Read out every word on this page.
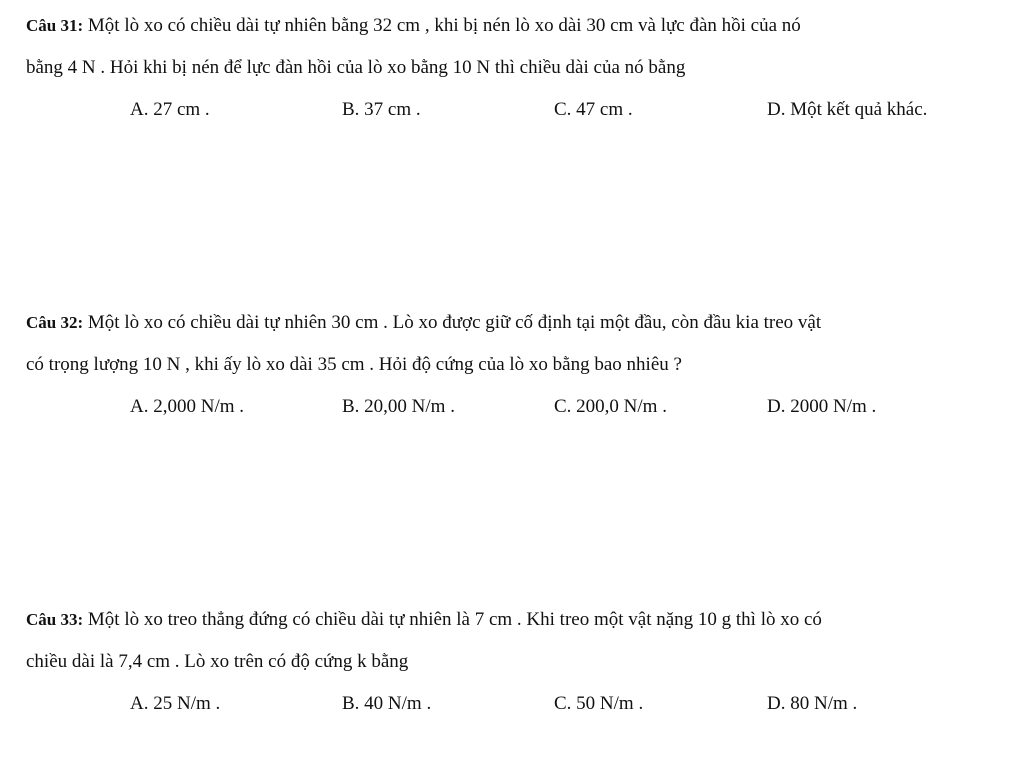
Câu 31: Một lò xo có chiều dài tự nhiên bằng 32 cm , khi bị nén lò xo dài 30 cm và lực đàn hồi của nó
bằng 4 N . Hỏi khi bị nén để lực đàn hồi của lò xo bằng 10 N thì chiều dài của nó bằng
A. 27 cm .	B. 37 cm .	C. 47 cm .	D. Một kết quả khác.
Câu 32: Một lò xo có chiều dài tự nhiên 30 cm . Lò xo được giữ cố định tại một đầu, còn đầu kia treo vật
có trọng lượng 10 N , khi ấy lò xo dài 35 cm . Hỏi độ cứng của lò xo bằng bao nhiêu ?
A. 2,000 N/m .	B. 20,00 N/m .	C. 200,0 N/m .	D. 2000 N/m .
Câu 33: Một lò xo treo thẳng đứng có chiều dài tự nhiên là 7 cm . Khi treo một vật nặng 10 g thì lò xo có
chiều dài là 7,4 cm . Lò xo trên có độ cứng k bằng
A. 25 N/m .	B. 40 N/m .	C. 50 N/m .	D. 80 N/m .
